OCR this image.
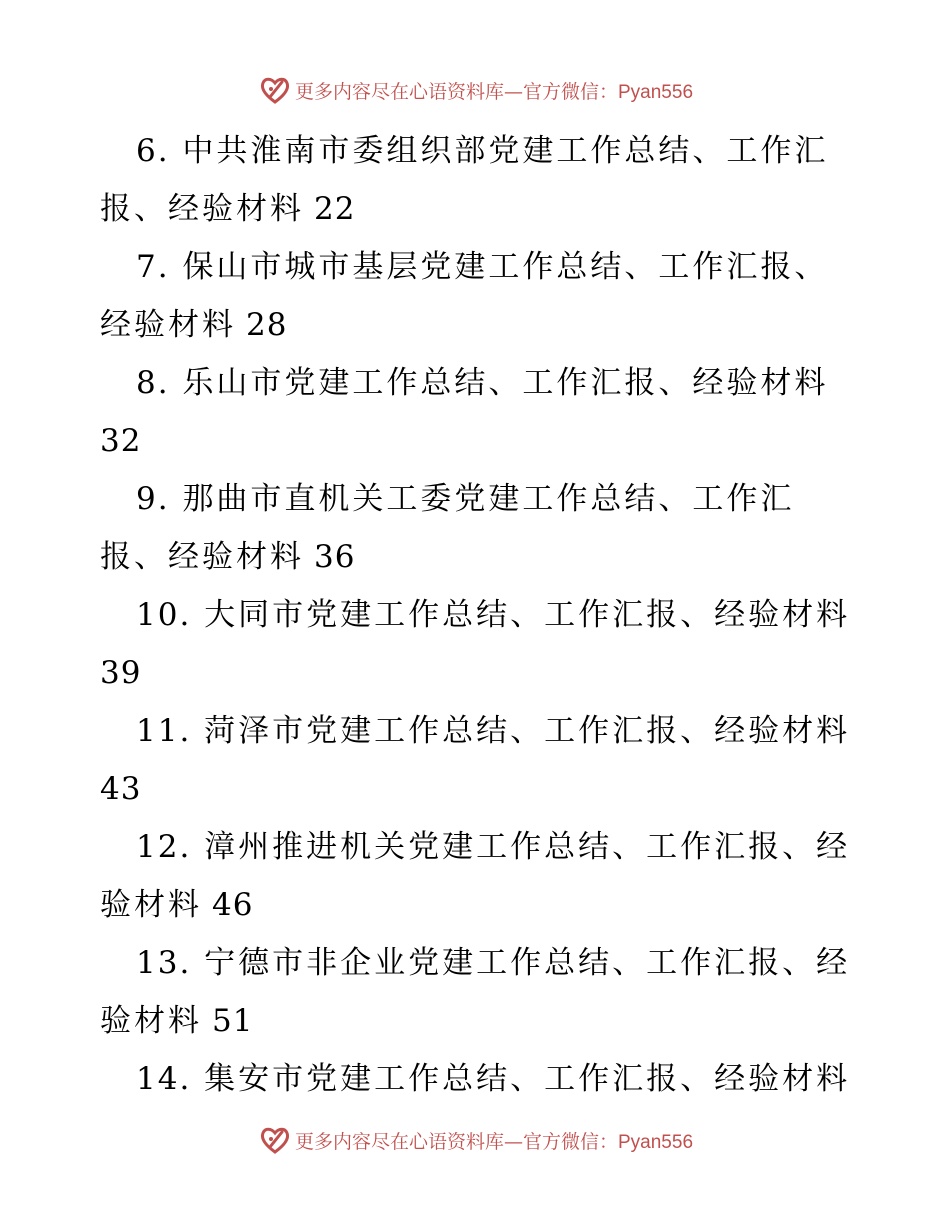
更多内容尽在心语资料库—官方微信：Pyan556
6. 中共淮南市委组织部党建工作总结、工作汇
报、经验材料 22
7. 保山市城市基层党建工作总结、工作汇报、
经验材料 28
8. 乐山市党建工作总结、工作汇报、经验材料
32
9. 那曲市直机关工委党建工作总结、工作汇
报、经验材料 36
10. 大同市党建工作总结、工作汇报、经验材料
39
11. 菏泽市党建工作总结、工作汇报、经验材料
43
12. 漳州推进机关党建工作总结、工作汇报、经
验材料 46
13. 宁德市非企业党建工作总结、工作汇报、经
验材料 51
14. 集安市党建工作总结、工作汇报、经验材料
更多内容尽在心语资料库—官方微信：Pyan556
